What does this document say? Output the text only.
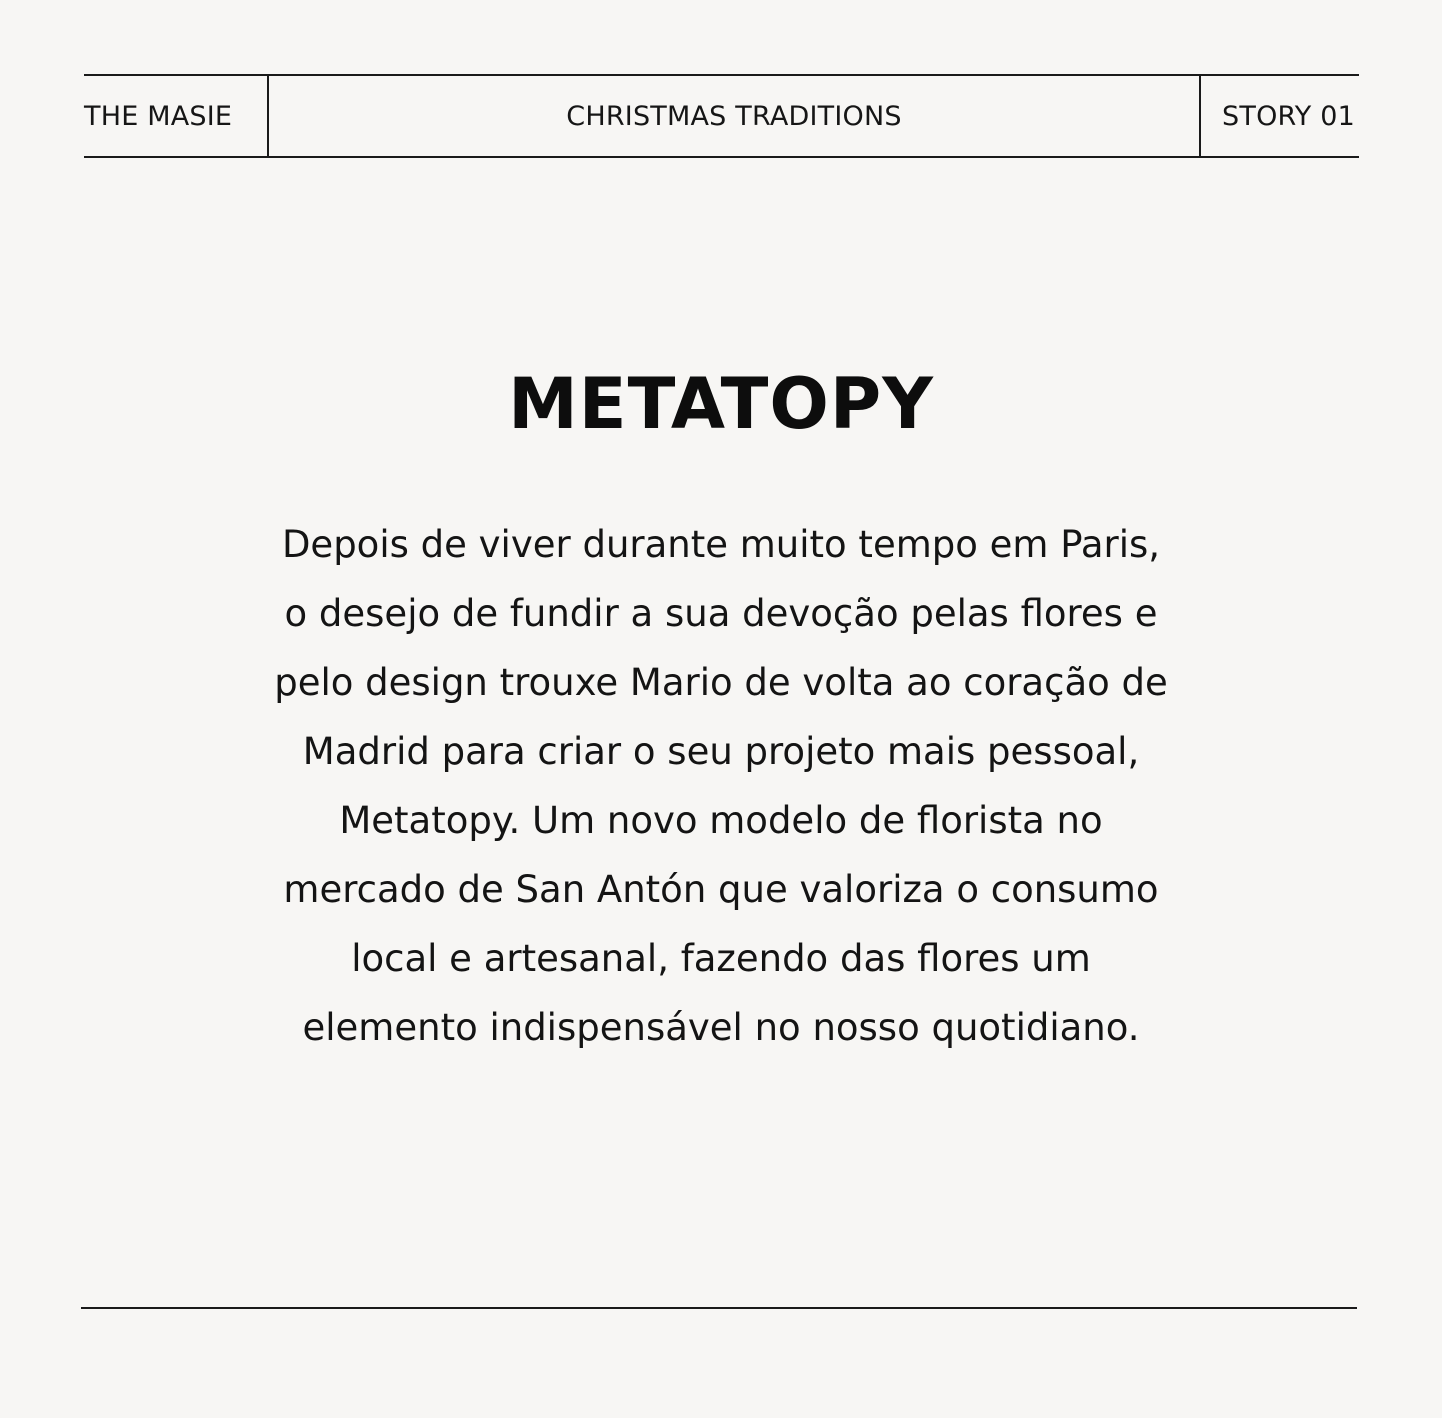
THE MASIE	CHRISTMAS TRADITIONS	STORY 01
METATOPY
Depois de viver durante muito tempo em Paris,
o desejo de fundir a sua devoção pelas flores e
pelo design trouxe Mario de volta ao coração de
Madrid para criar o seu projeto mais pessoal,
Metatopy. Um novo modelo de florista no
mercado de San Antón que valoriza o consumo
local e artesanal, fazendo das flores um
elemento indispensável no nosso quotidiano.
